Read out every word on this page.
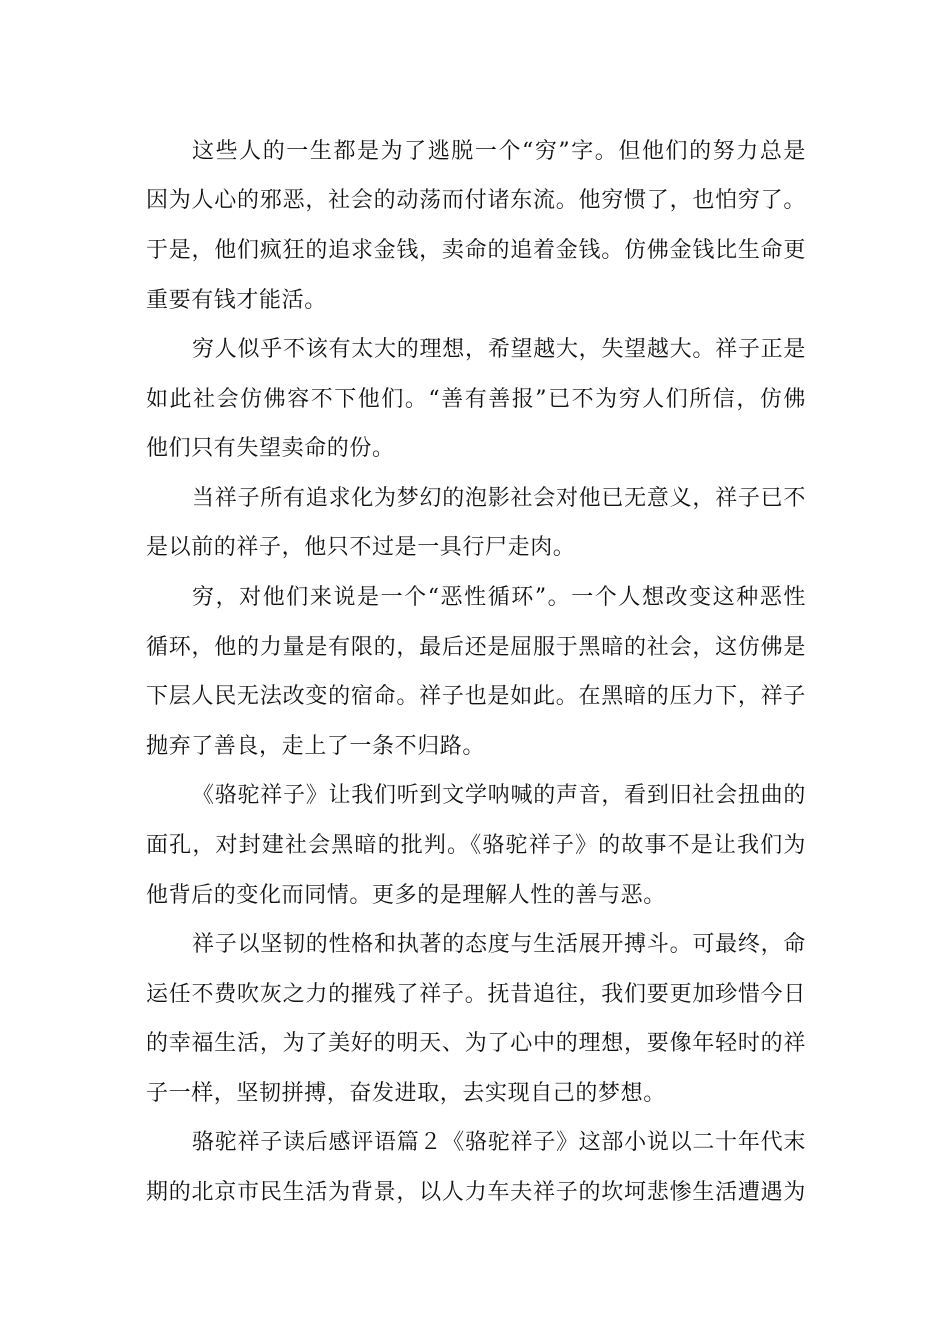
这些人的一生都是为了逃脱一个“穷”字。但他们的努力总是
因为人心的邪恶，社会的动荡而付诸东流。他穷惯了，也怕穷了。
于是，他们疯狂的追求金钱，卖命的追着金钱。仿佛金钱比生命更
重要有钱才能活。
穷人似乎不该有太大的理想，希望越大，失望越大。祥子正是
如此社会仿佛容不下他们。“善有善报”已不为穷人们所信，仿佛
他们只有失望卖命的份。
当祥子所有追求化为梦幻的泡影社会对他已无意义，祥子已不
是以前的祥子，他只不过是一具行尸走肉。
穷，对他们来说是一个“恶性循环”。一个人想改变这种恶性
循环，他的力量是有限的，最后还是屈服于黑暗的社会，这仿佛是
下层人民无法改变的宿命。祥子也是如此。在黑暗的压力下，祥子
抛弃了善良，走上了一条不归路。
《骆驼祥子》让我们听到文学呐喊的声音，看到旧社会扭曲的
面孔，对封建社会黑暗的批判。《骆驼祥子》的故事不是让我们为
他背后的变化而同情。更多的是理解人性的善与恶。
祥子以坚韧的性格和执著的态度与生活展开搏斗。可最终，命
运任不费吹灰之力的摧残了祥子。抚昔追往，我们要更加珍惜今日
的幸福生活，为了美好的明天、为了心中的理想，要像年轻时的祥
子一样，坚韧拼搏，奋发进取，去实现自己的梦想。
骆驼祥子读后感评语篇２《骆驼祥子》这部小说以二十年代末
期的北京市民生活为背景，以人力车夫祥子的坎坷悲惨生活遭遇为
